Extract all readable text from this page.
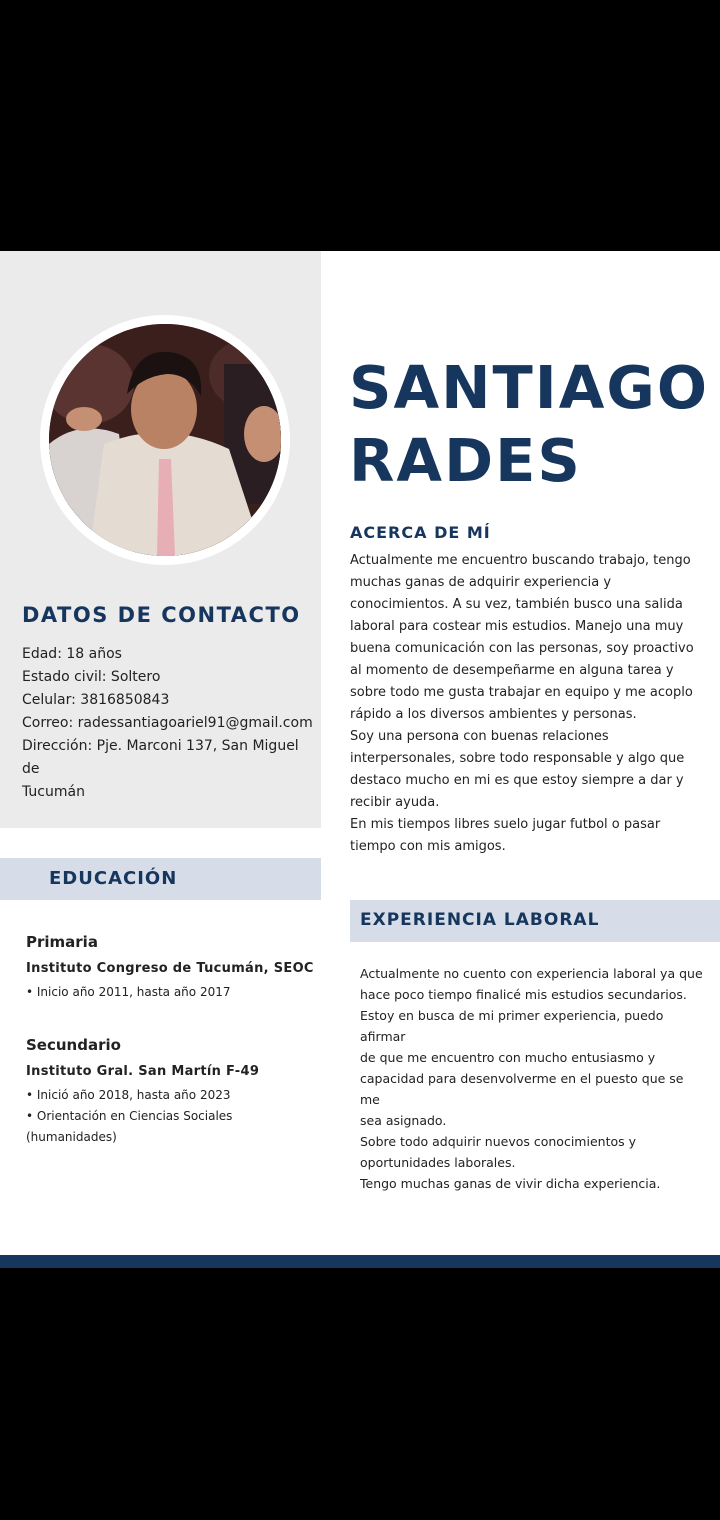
DATOS DE CONTACTO
Edad: 18 años
Estado civil: Soltero
Celular: 3816850843
Correo: radessantiagoariel91@gmail.com
Dirección: Pje. Marconi 137, San Miguel de
Tucumán
EDUCACIÓN

Primaria

Instituto Congreso de Tucumán, SEOC

• Inicio año 2011, hasta año 2017

Secundario

Instituto Gral. San Martín F-49

• Inició año 2018, hasta año 2023

• Orientación en Ciencias Sociales (humanidades)

SANTIAGO
RADES
ACERCA DE MÍ

Actualmente me encuentro buscando trabajo, tengo

muchas ganas de adquirir experiencia y

conocimientos. A su vez, también busco una salida

laboral para costear mis estudios. Manejo una muy

buena comunicación con las personas, soy proactivo

al momento de desempeñarme en alguna tarea y

sobre todo me gusta trabajar en equipo y me acoplo

rápido a los diversos ambientes y personas.

Soy una persona con buenas relaciones

interpersonales, sobre todo responsable y algo que

destaco mucho en mi es que estoy siempre a dar y

recibir ayuda.

En mis tiempos libres suelo jugar futbol o pasar

tiempo con mis amigos.

EXPERIENCIA LABORAL

Actualmente no cuento con experiencia laboral ya que

hace poco tiempo finalicé mis estudios secundarios.

Estoy en busca de mi primer experiencia, puedo afirmar

de que me encuentro con mucho entusiasmo y

capacidad para desenvolverme en el puesto que se me

sea asignado.

Sobre todo adquirir nuevos conocimientos y

oportunidades laborales.

Tengo muchas ganas de vivir dicha experiencia.
